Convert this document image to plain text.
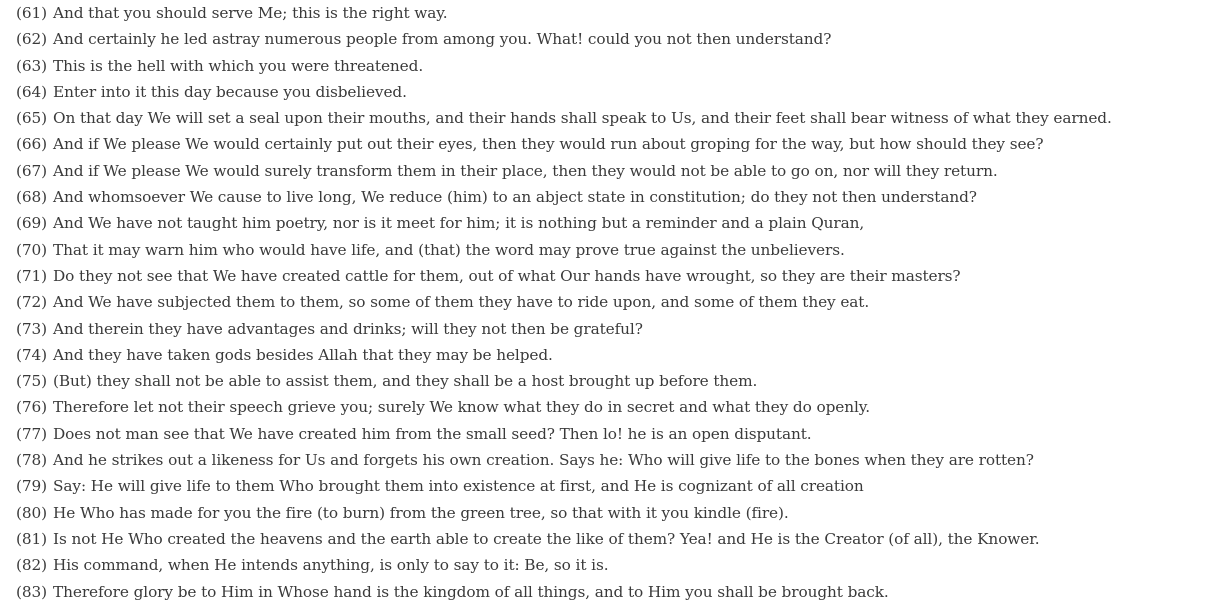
(61) And that you should serve Me; this is the right way.
(62) And certainly he led astray numerous people from among you. What! could you not then understand?
(63) This is the hell with which you were threatened.
(64) Enter into it this day because you disbelieved.
(65) On that day We will set a seal upon their mouths, and their hands shall speak to Us, and their feet shall bear witness of what they earned.
(66) And if We please We would certainly put out their eyes, then they would run about groping for the way, but how should they see?
(67) And if We please We would surely transform them in their place, then they would not be able to go on, nor will they return.
(68) And whomsoever We cause to live long, We reduce (him) to an abject state in constitution; do they not then understand?
(69) And We have not taught him poetry, nor is it meet for him; it is nothing but a reminder and a plain Quran,
(70) That it may warn him who would have life, and (that) the word may prove true against the unbelievers.
(71) Do they not see that We have created cattle for them, out of what Our hands have wrought, so they are their masters?
(72) And We have subjected them to them, so some of them they have to ride upon, and some of them they eat.
(73) And therein they have advantages and drinks; will they not then be grateful?
(74) And they have taken gods besides Allah that they may be helped.
(75) (But) they shall not be able to assist them, and they shall be a host brought up before them.
(76) Therefore let not their speech grieve you; surely We know what they do in secret and what they do openly.
(77) Does not man see that We have created him from the small seed? Then lo! he is an open disputant.
(78) And he strikes out a likeness for Us and forgets his own creation. Says he: Who will give life to the bones when they are rotten?
(79) Say: He will give life to them Who brought them into existence at first, and He is cognizant of all creation
(80) He Who has made for you the fire (to burn) from the green tree, so that with it you kindle (fire).
(81) Is not He Who created the heavens and the earth able to create the like of them? Yea! and He is the Creator (of all), the Knower.
(82) His command, when He intends anything, is only to say to it: Be, so it is.
(83) Therefore glory be to Him in Whose hand is the kingdom of all things, and to Him you shall be brought back.
